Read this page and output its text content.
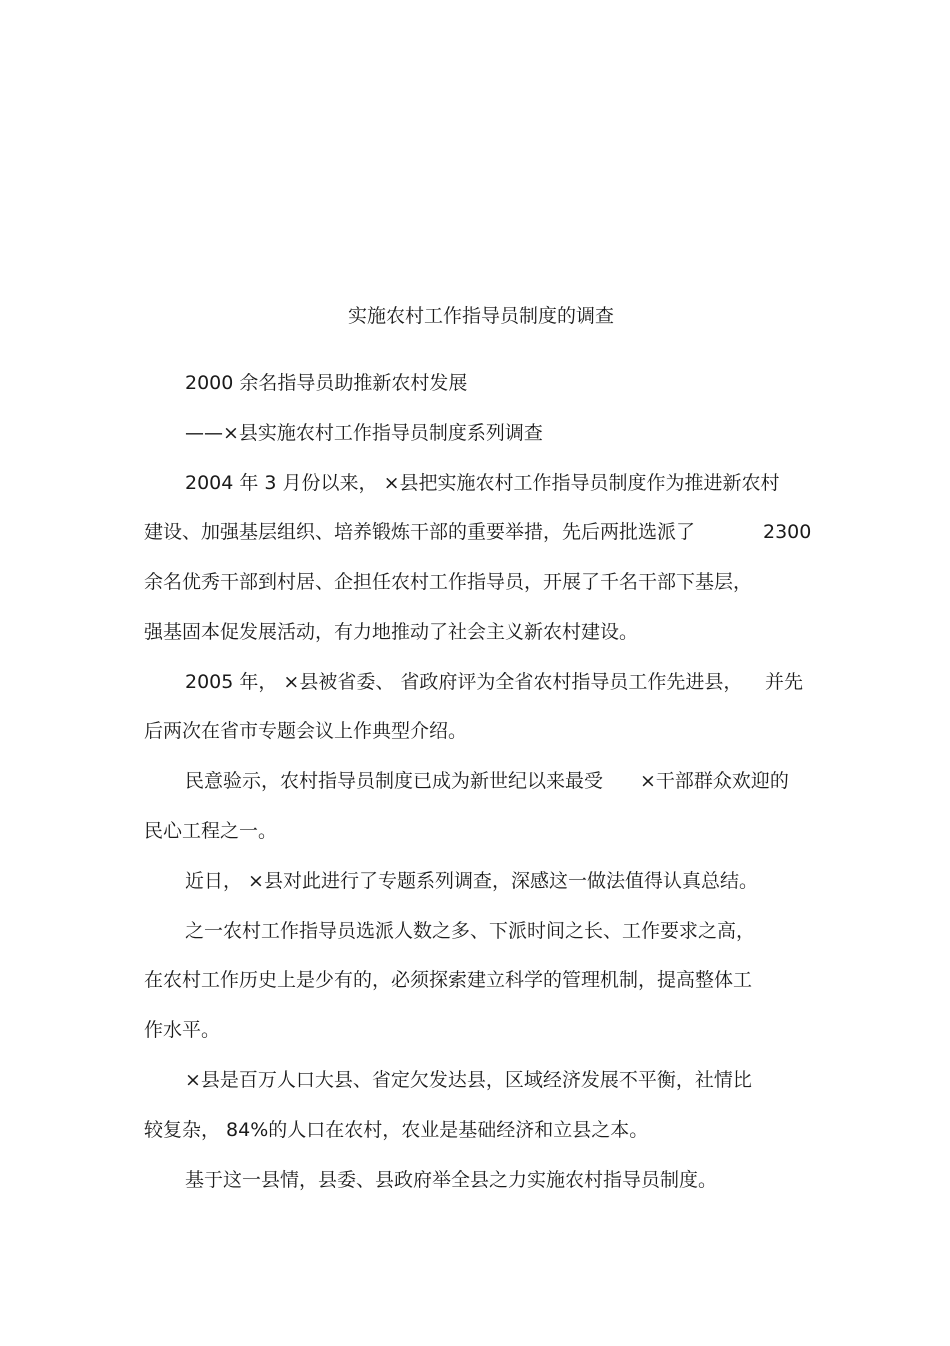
实施农村工作指导员制度的调查

2000 余名指导员助推新农村发展

——×县实施农村工作指导员制度系列调查

2004 年 3 月份以来， ×县把实施农村工作指导员制度作为推进新农村

建设、加强基层组织、培养锻炼干部的重要举措，先后两批选派了	2300

余名优秀干部到村居、企担任农村工作指导员，开展了千名干部下基层，

强基固本促发展活动，有力地推动了社会主义新农村建设。

2005 年， ×县被省委、 省政府评为全省农村指导员工作先进县， 并先

后两次在省市专题会议上作典型介绍。

民意验示，农村指导员制度已成为新世纪以来最受 ×干部群众欢迎的

民心工程之一。

近日， ×县对此进行了专题系列调查，深感这一做法值得认真总结。

之一农村工作指导员选派人数之多、下派时间之长、工作要求之高，

在农村工作历史上是少有的，必须探索建立科学的管理机制，提高整体工

作水平。

×县是百万人口大县、省定欠发达县，区域经济发展不平衡，社情比

较复杂， 84%的人口在农村，农业是基础经济和立县之本。

基于这一县情，县委、县政府举全县之力实施农村指导员制度。
